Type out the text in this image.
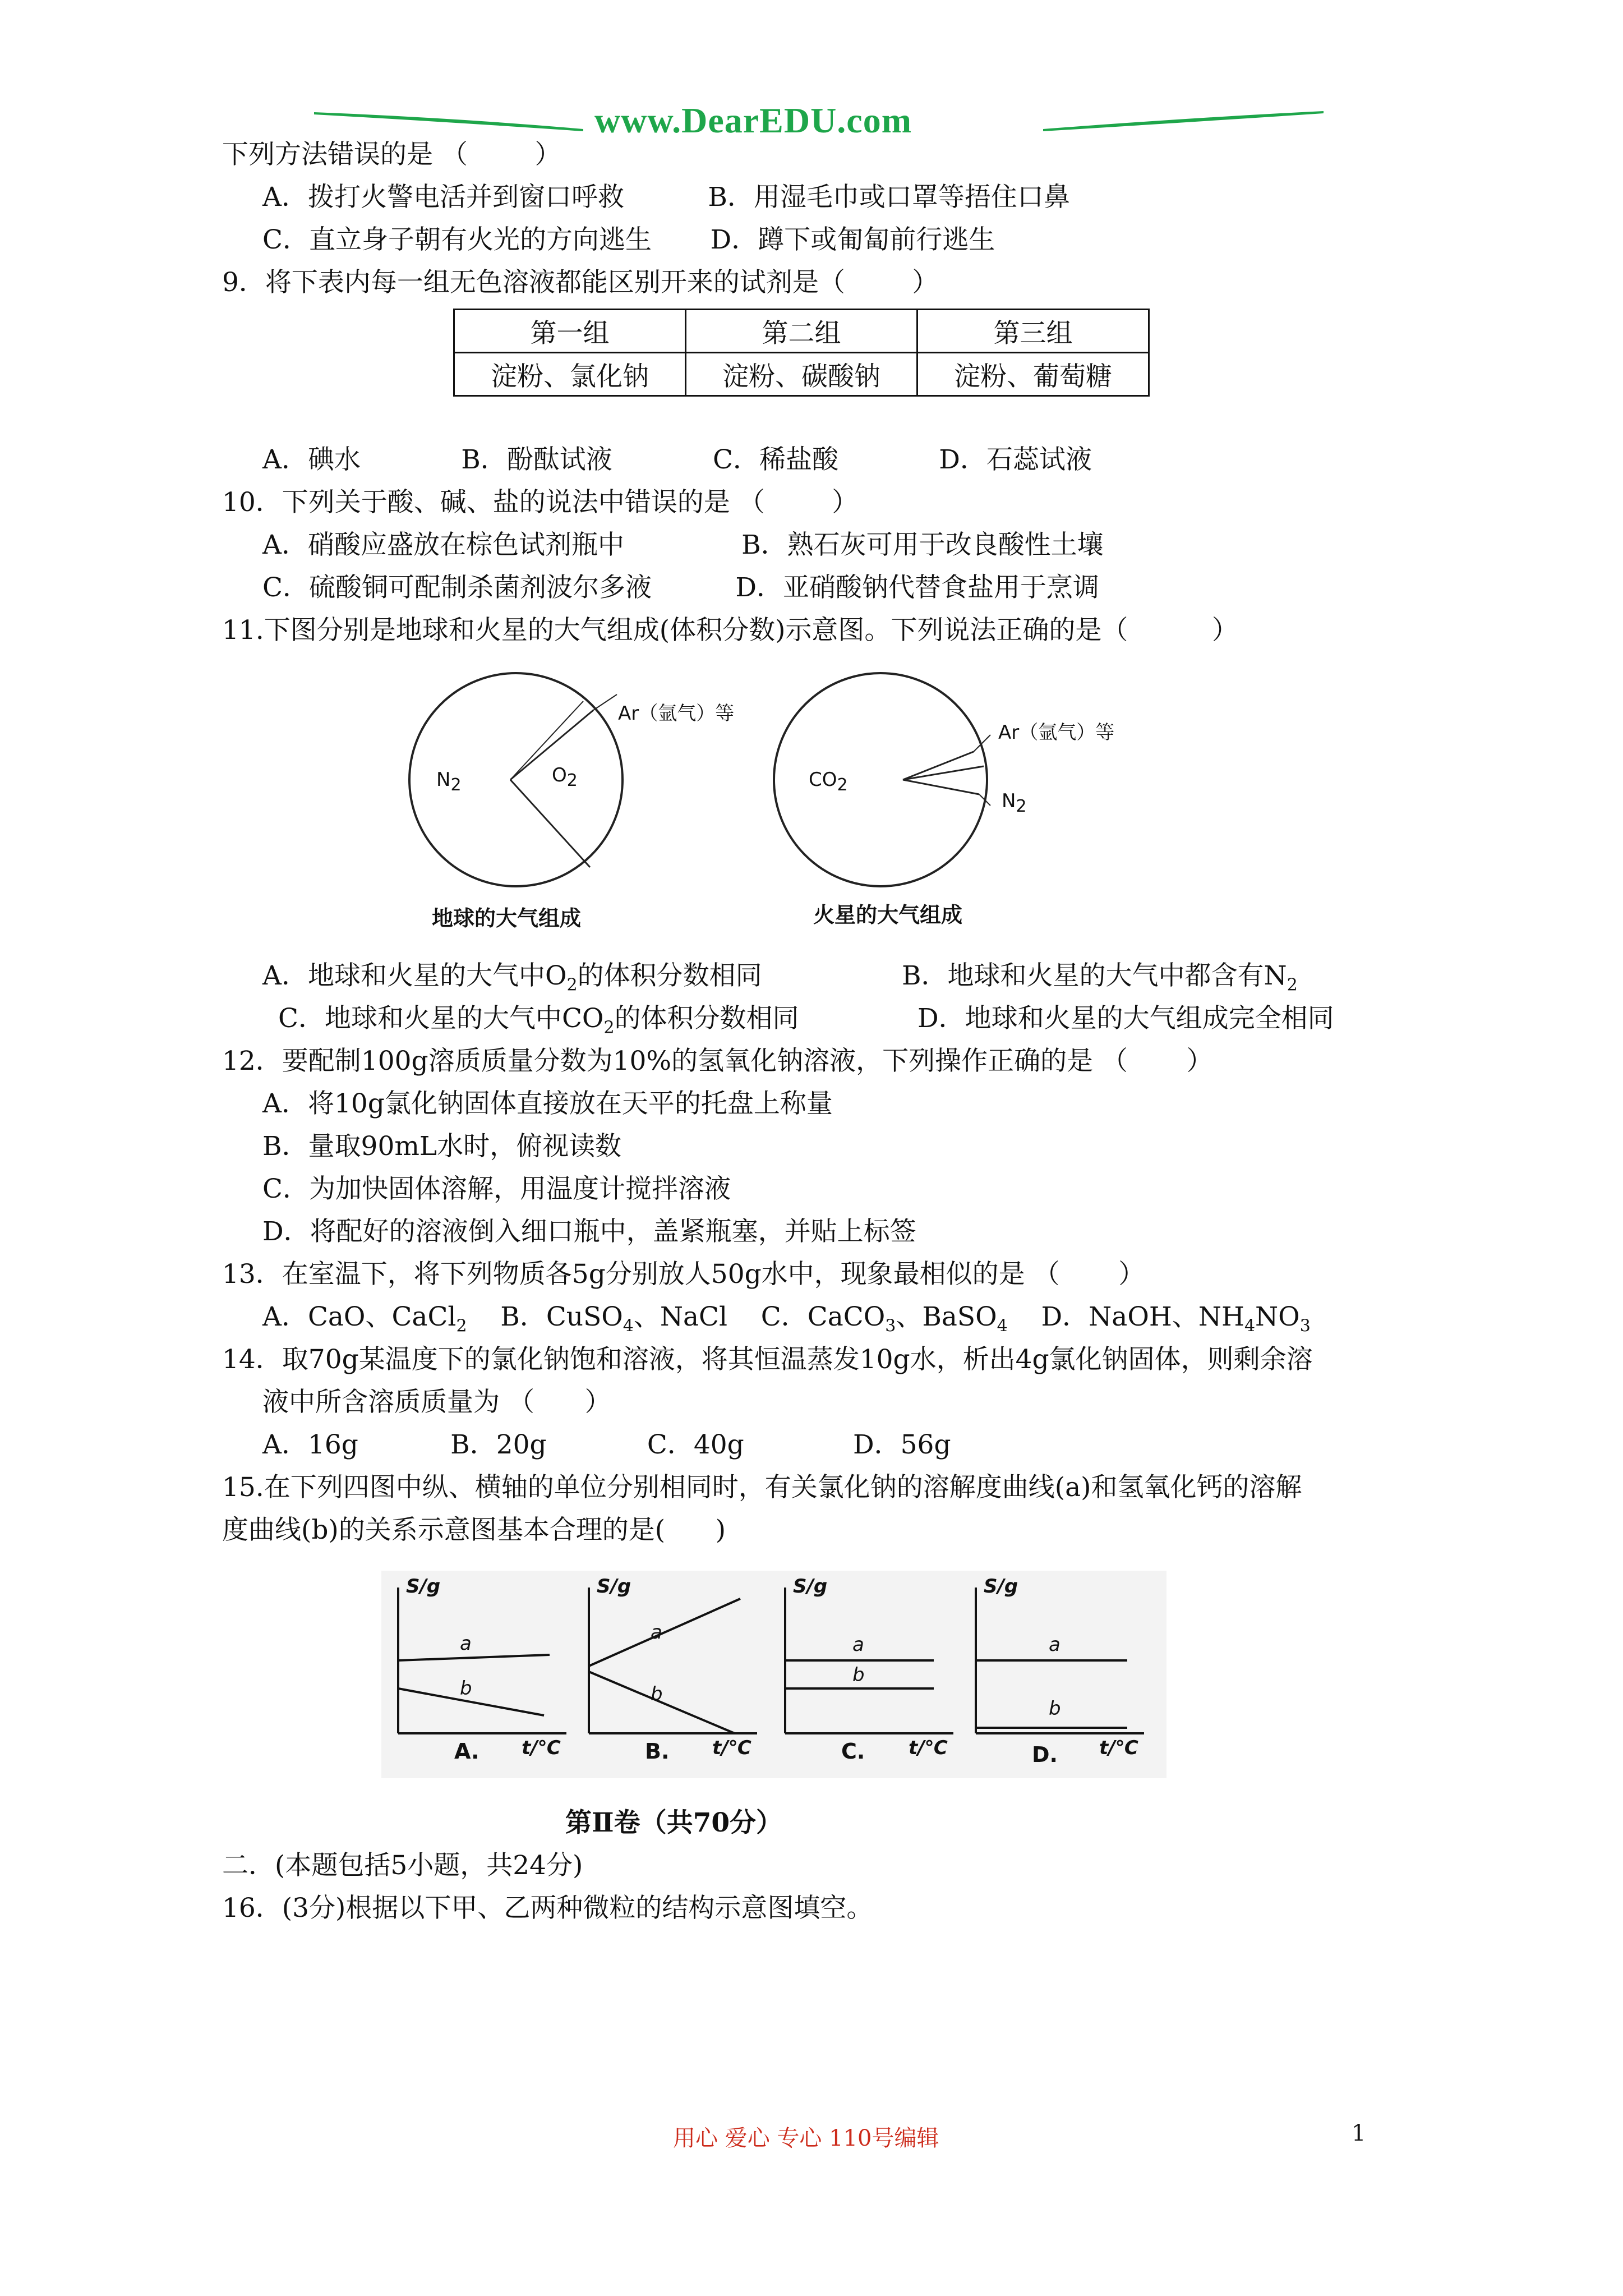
www.DearEDU.com
下列方法错误的是 （        ）
A．拨打火警电活并到窗口呼救          B．用湿毛巾或口罩等捂住口鼻
C．直立身子朝有火光的方向逃生       D．蹲下或匍匐前行逃生
9．将下表内每一组无色溶液都能区别开来的试剂是（        ）
第一组	第二组	第三组
淀粉、氯化钠	淀粉、碳酸钠	淀粉、葡萄糖
A．碘水            B．酚酞试液            C．稀盐酸            D．石蕊试液
10．下列关于酸、碱、盐的说法中错误的是 （        ）
A．硝酸应盛放在棕色试剂瓶中              B．熟石灰可用于改良酸性土壤
C．硫酸铜可配制杀菌剂波尔多液          D．亚硝酸钠代替食盐用于烹调
11.下图分别是地球和火星的大气组成(体积分数)示意图。下列说法正确的是（          ）
$N_2$	$O_2$
Ar（氩气）等
$CO_2$
Ar（氩气）等
$N_2$
地球的大气组成	火星的大气组成
A．地球和火星的大气中$O_2$的体积分数相同	B．地球和火星的大气中都含有$N_2$
C．地球和火星的大气中$CO_2$的体积分数相同	D．地球和火星的大气组成完全相同
12．要配制100g溶质质量分数为10%的氢氧化钠溶液，下列操作正确的是 （       ）
A．将10g氯化钠固体直接放在天平的托盘上称量
B．量取90mL水时，俯视读数
C．为加快固体溶解，用温度计搅拌溶液
D．将配好的溶液倒入细口瓶中，盖紧瓶塞，并贴上标签
13．在室温下，将下列物质各5g分别放人50g水中，现象最相似的是 （       ）
A．CaO、CaCl$_2$ B．CuSO$_4$、NaCl C．CaCO$_3$、BaSO$_4$ D．NaOH、$NH_4NO_3$
14．取70g某温度下的氯化钠饱和溶液，将其恒温蒸发10g水，析出4g氯化钠固体，则剩余溶
液中所含溶质质量为 （      ）
A．16g           B．20g            C．40g             D．56g
15.在下列四图中纵、横轴的单位分别相同时，有关氯化钠的溶解度曲线(a)和氢氧化钙的溶解
度曲线(b)的关系示意图基本合理的是(      )
S/g
a
b
A. t/℃
S/g
a
b
B. t/℃
S/g
a
b
C. t/℃
S/g
a
b
D. t/℃
第Ⅱ卷（共70分）
二．(本题包括5小题，共24分)
16．(3分)根据以下甲、乙两种微粒的结构示意图填空。
用心 爱心 专心 110号编辑	1
